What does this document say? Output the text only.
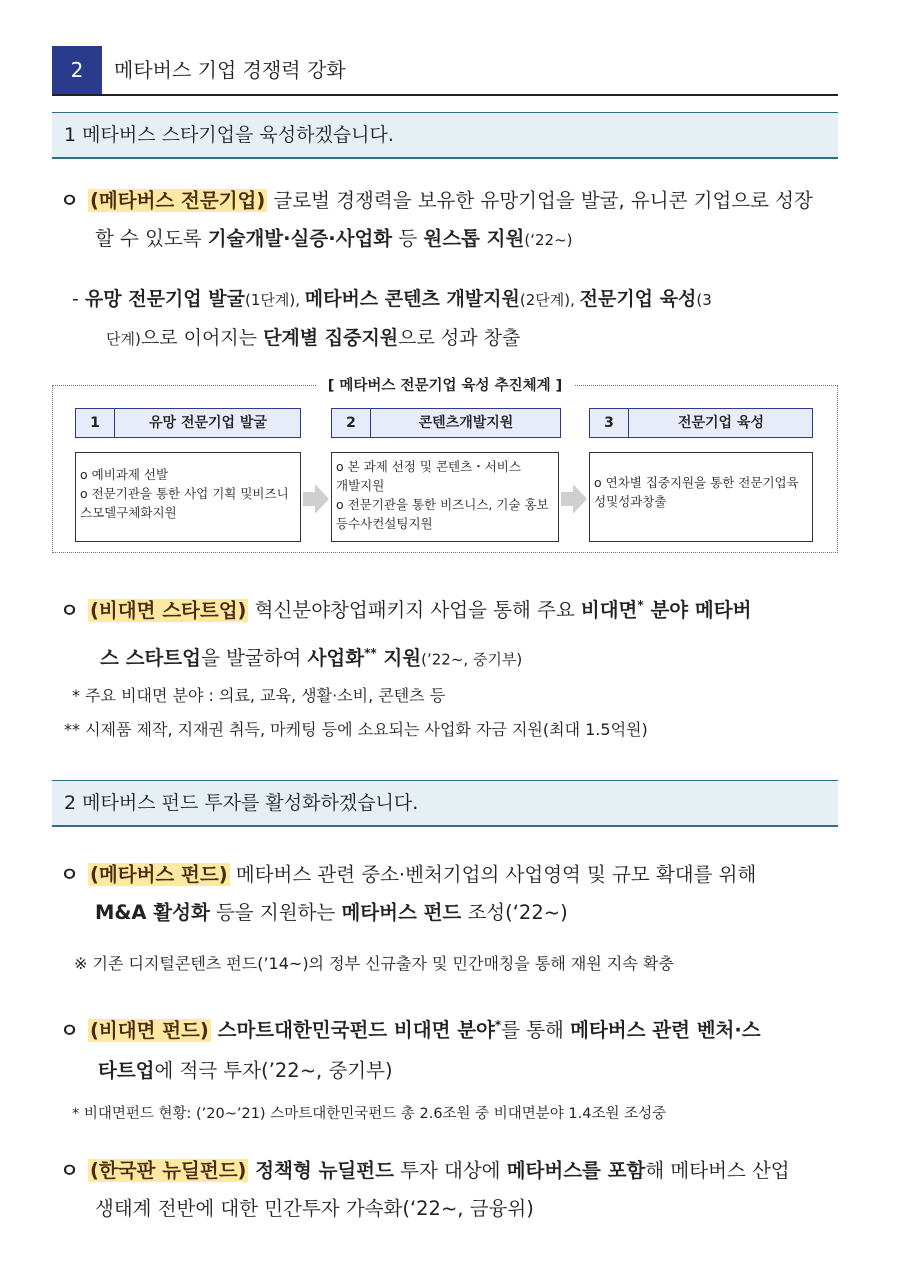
2	메타버스 기업 경쟁력 강화
1 메타버스 스타기업을 육성하겠습니다.
ㅇ (메타버스 전문기업) 글로벌 경쟁력을 보유한 유망기업을 발굴, 유니콘 기업으로 성장
할 수 있도록 기술개발·실증·사업화 등 원스톱 지원(‘22~)
- 유망 전문기업 발굴(1단계), 메타버스 콘텐츠 개발지원(2단계), 전문기업 육성(3
단계)으로 이어지는 단계별 집중지원으로 성과 창출
[ 메타버스 전문기업 육성 추진체계 ]
1	유망 전문기업 발굴	2	콘텐츠개발지원	3	전문기업 육성
o 예비과제 선발
o 전문기관을 통한 사업 기획 및비즈니
스모델구체화지원
o 본 과제 선정 및 콘텐츠・서비스
개발지원
o 전문기관을 통한 비즈니스, 기술 홍보
등수사컨설팅지원
o 연차별 집중지원을 통한 전문기업육
성및성과창출
ㅇ (비대면 스타트업) 혁신분야창업패키지 사업을 통해 주요 비대면* 분야 메타버
스 스타트업을 발굴하여 사업화** 지원(’22~, 중기부)
* 주요 비대면 분야 : 의료, 교육, 생활·소비, 콘텐츠 등
** 시제품 제작, 지재권 취득, 마케팅 등에 소요되는 사업화 자금 지원(최대 1.5억원)
2 메타버스 펀드 투자를 활성화하겠습니다.
ㅇ (메타버스 펀드) 메타버스 관련 중소·벤처기업의 사업영역 및 규모 확대를 위해
M&A 활성화 등을 지원하는 메타버스 펀드 조성(‘22~)
※ 기존 디지털콘텐츠 펀드(’14~)의 정부 신규출자 및 민간매칭을 통해 재원 지속 확충
ㅇ (비대면 펀드) 스마트대한민국펀드 비대면 분야*를 통해 메타버스 관련 벤처·스
타트업에 적극 투자(’22~, 중기부)
* 비대면펀드 현황: (’20~’21) 스마트대한민국펀드 총 2.6조원 중 비대면분야 1.4조원 조성중
ㅇ (한국판 뉴딜펀드) 정책형 뉴딜펀드 투자 대상에 메타버스를 포함해 메타버스 산업
생태계 전반에 대한 민간투자 가속화(‘22~, 금융위)
